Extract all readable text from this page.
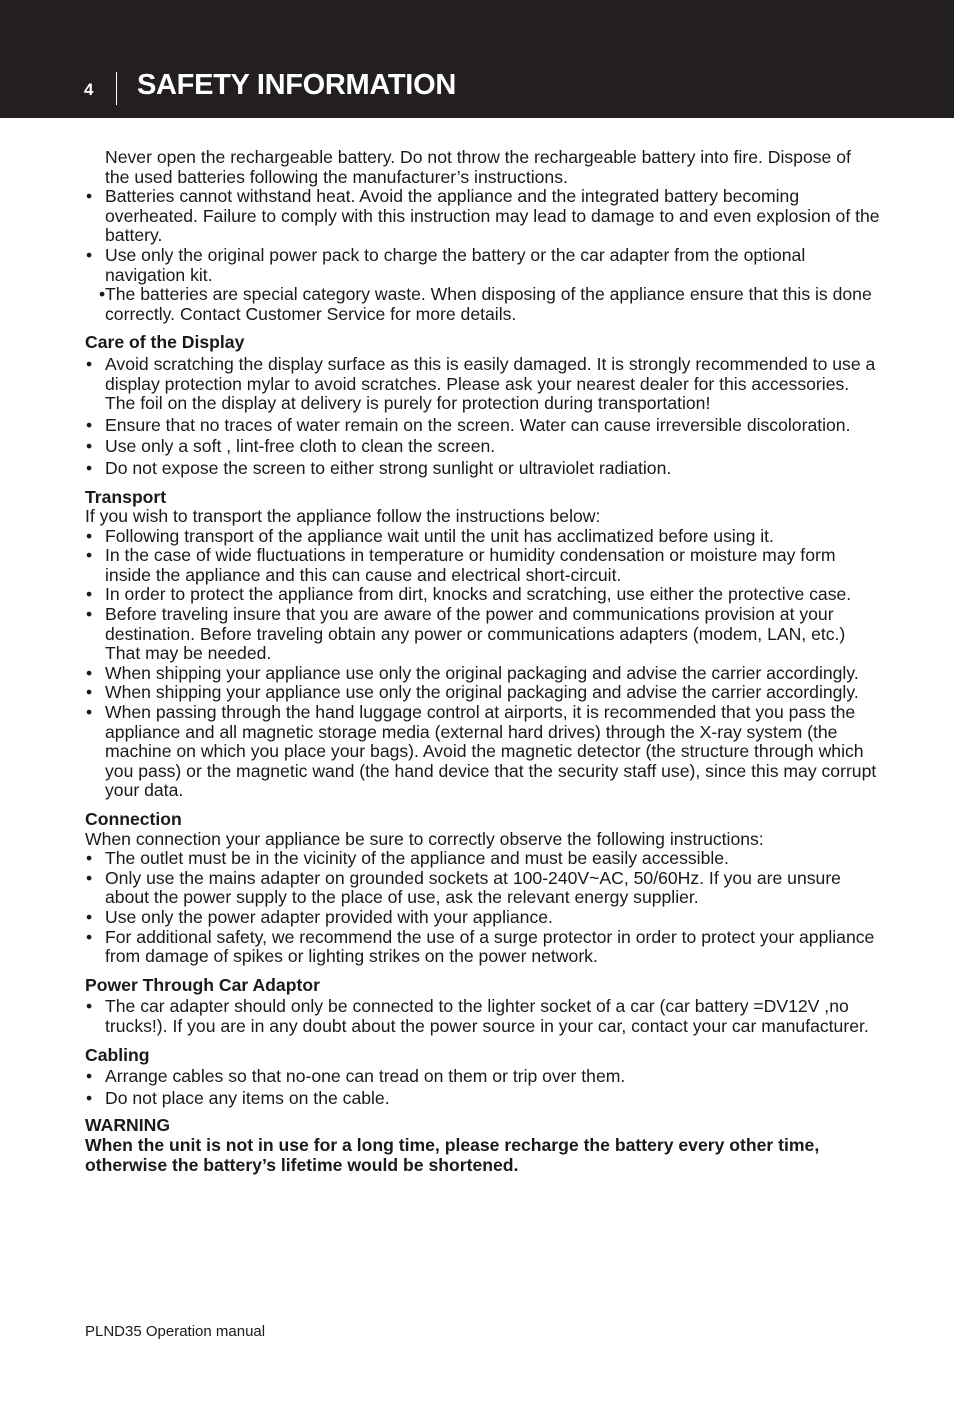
4 SAFETY INFORMATION
Never open the rechargeable battery. Do not throw the rechargeable battery into fire. Dispose of the used batteries following the manufacturer’s instructions.
• Batteries cannot withstand heat. Avoid the appliance and the integrated battery becoming overheated. Failure to comply with this instruction may lead to damage to and even explosion of the battery.
• Use only the original power pack to charge the battery or the car adapter from the optional navigation kit.
• The batteries are special category waste. When disposing of the appliance ensure that this is done correctly. Contact Customer Service for more details.
Care of the Display
• Avoid scratching the display surface as this is easily damaged. It is strongly recommended to use a display protection mylar to avoid scratches. Please ask your nearest dealer for this accessories. The foil on the display at delivery is purely for protection during transportation!
• Ensure that no traces of water remain on the screen. Water can cause irreversible discoloration.
• Use only a soft , lint-free cloth to clean the screen.
• Do not expose the screen to either strong sunlight or ultraviolet radiation.
Transport
If you wish to transport the appliance follow the instructions below:
• Following transport of the appliance wait until the unit has acclimatized before using it.
• In the case of wide fluctuations in temperature or humidity condensation or moisture may form inside the appliance and this can cause and electrical short-circuit.
• In order to protect the appliance from dirt, knocks and scratching, use either the protective case.
• Before traveling insure that you are aware of the power and communications provision at your destination. Before traveling obtain any power or communications adapters (modem, LAN, etc.) That may be needed.
• When shipping your appliance use only the original packaging and advise the carrier accordingly.
• When shipping your appliance use only the original packaging and advise the carrier accordingly.
• When passing through the hand luggage control at airports, it is recommended that you pass the appliance and all magnetic storage media (external hard drives) through the X-ray system (the machine on which you place your bags). Avoid the magnetic detector (the structure through which you pass) or the magnetic wand (the hand device that the security staff use), since this may corrupt your data.
Connection
When connection your appliance be sure to correctly observe the following instructions:
• The outlet must be in the vicinity of the appliance and must be easily accessible.
• Only use the mains adapter on grounded sockets at 100-240V~AC, 50/60Hz. If you are unsure about the power supply to the place of use, ask the relevant energy supplier.
• Use only the power adapter provided with your appliance.
• For additional safety, we recommend the use of a surge protector in order to protect your appliance from damage of spikes or lighting strikes on the power network.
Power Through Car Adaptor
• The car adapter should only be connected to the lighter socket of a car (car battery =DV12V ,no trucks!). If you are in any doubt about the power source in your car, contact your car manufacturer.
Cabling
• Arrange cables so that no-one can tread on them or trip over them.
• Do not place any items on the cable.
WARNING
When the unit is not in use for a long time, please recharge the battery every other time, otherwise the battery’s lifetime would be shortened.
PLND35 Operation manual
